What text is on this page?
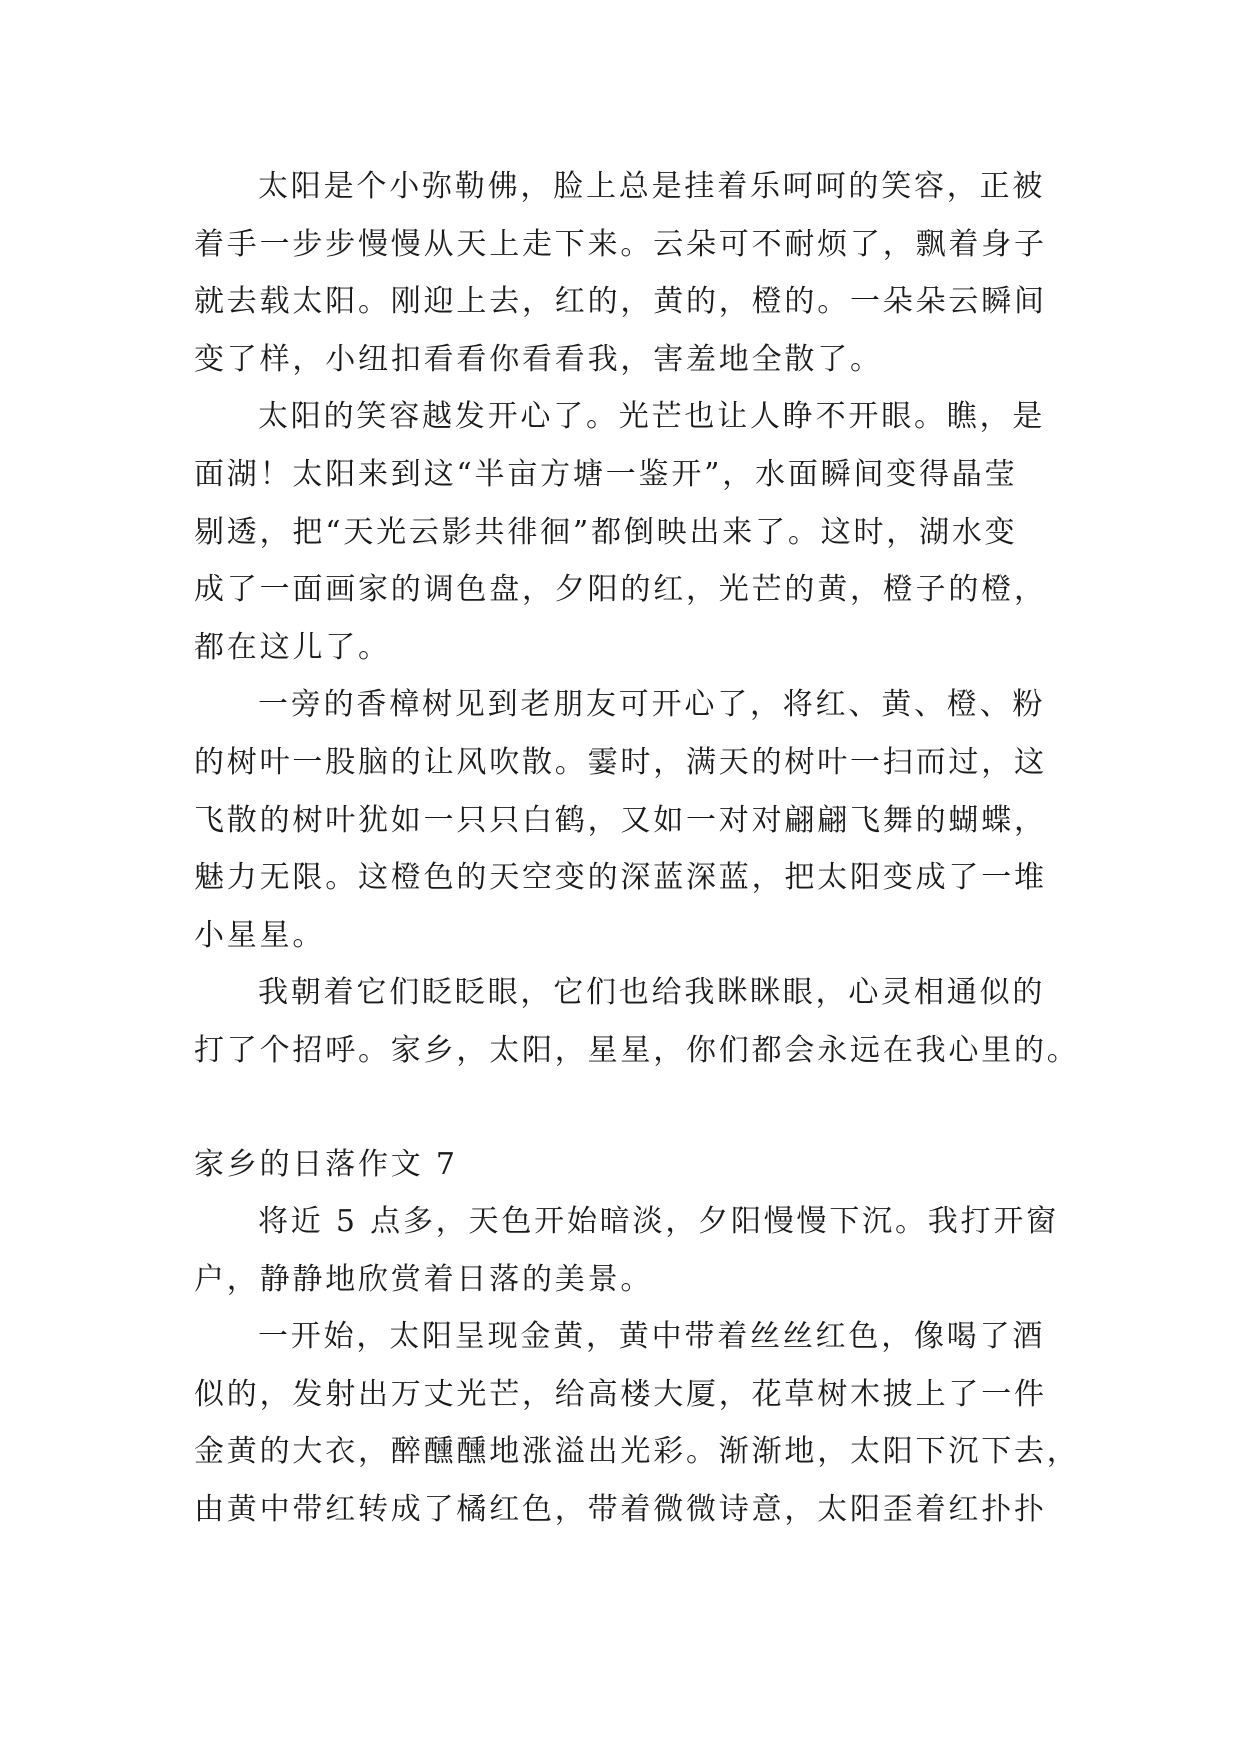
太阳是个小弥勒佛，脸上总是挂着乐呵呵的笑容，正被
着手一步步慢慢从天上走下来。云朵可不耐烦了，飘着身子
就去载太阳。刚迎上去，红的，黄的，橙的。一朵朵云瞬间
变了样，小纽扣看看你看看我，害羞地全散了。
太阳的笑容越发开心了。光芒也让人睁不开眼。瞧，是
面湖！太阳来到这“半亩方塘一鉴开”，水面瞬间变得晶莹
剔透，把“天光云影共徘徊”都倒映出来了。这时，湖水变
成了一面画家的调色盘，夕阳的红，光芒的黄，橙子的橙，
都在这儿了。
一旁的香樟树见到老朋友可开心了，将红、黄、橙、粉
的树叶一股脑的让风吹散。霎时，满天的树叶一扫而过，这
飞散的树叶犹如一只只白鹤，又如一对对翩翩飞舞的蝴蝶，
魅力无限。这橙色的天空变的深蓝深蓝，把太阳变成了一堆
小星星。
我朝着它们眨眨眼，它们也给我眯眯眼，心灵相通似的
打了个招呼。家乡，太阳，星星，你们都会永远在我心里的。
家乡的日落作文 7
将近 5 点多，天色开始暗淡，夕阳慢慢下沉。我打开窗
户，静静地欣赏着日落的美景。
一开始，太阳呈现金黄，黄中带着丝丝红色，像喝了酒
似的，发射出万丈光芒，给高楼大厦，花草树木披上了一件
金黄的大衣，醉醺醺地涨溢出光彩。渐渐地，太阳下沉下去，
由黄中带红转成了橘红色，带着微微诗意，太阳歪着红扑扑
